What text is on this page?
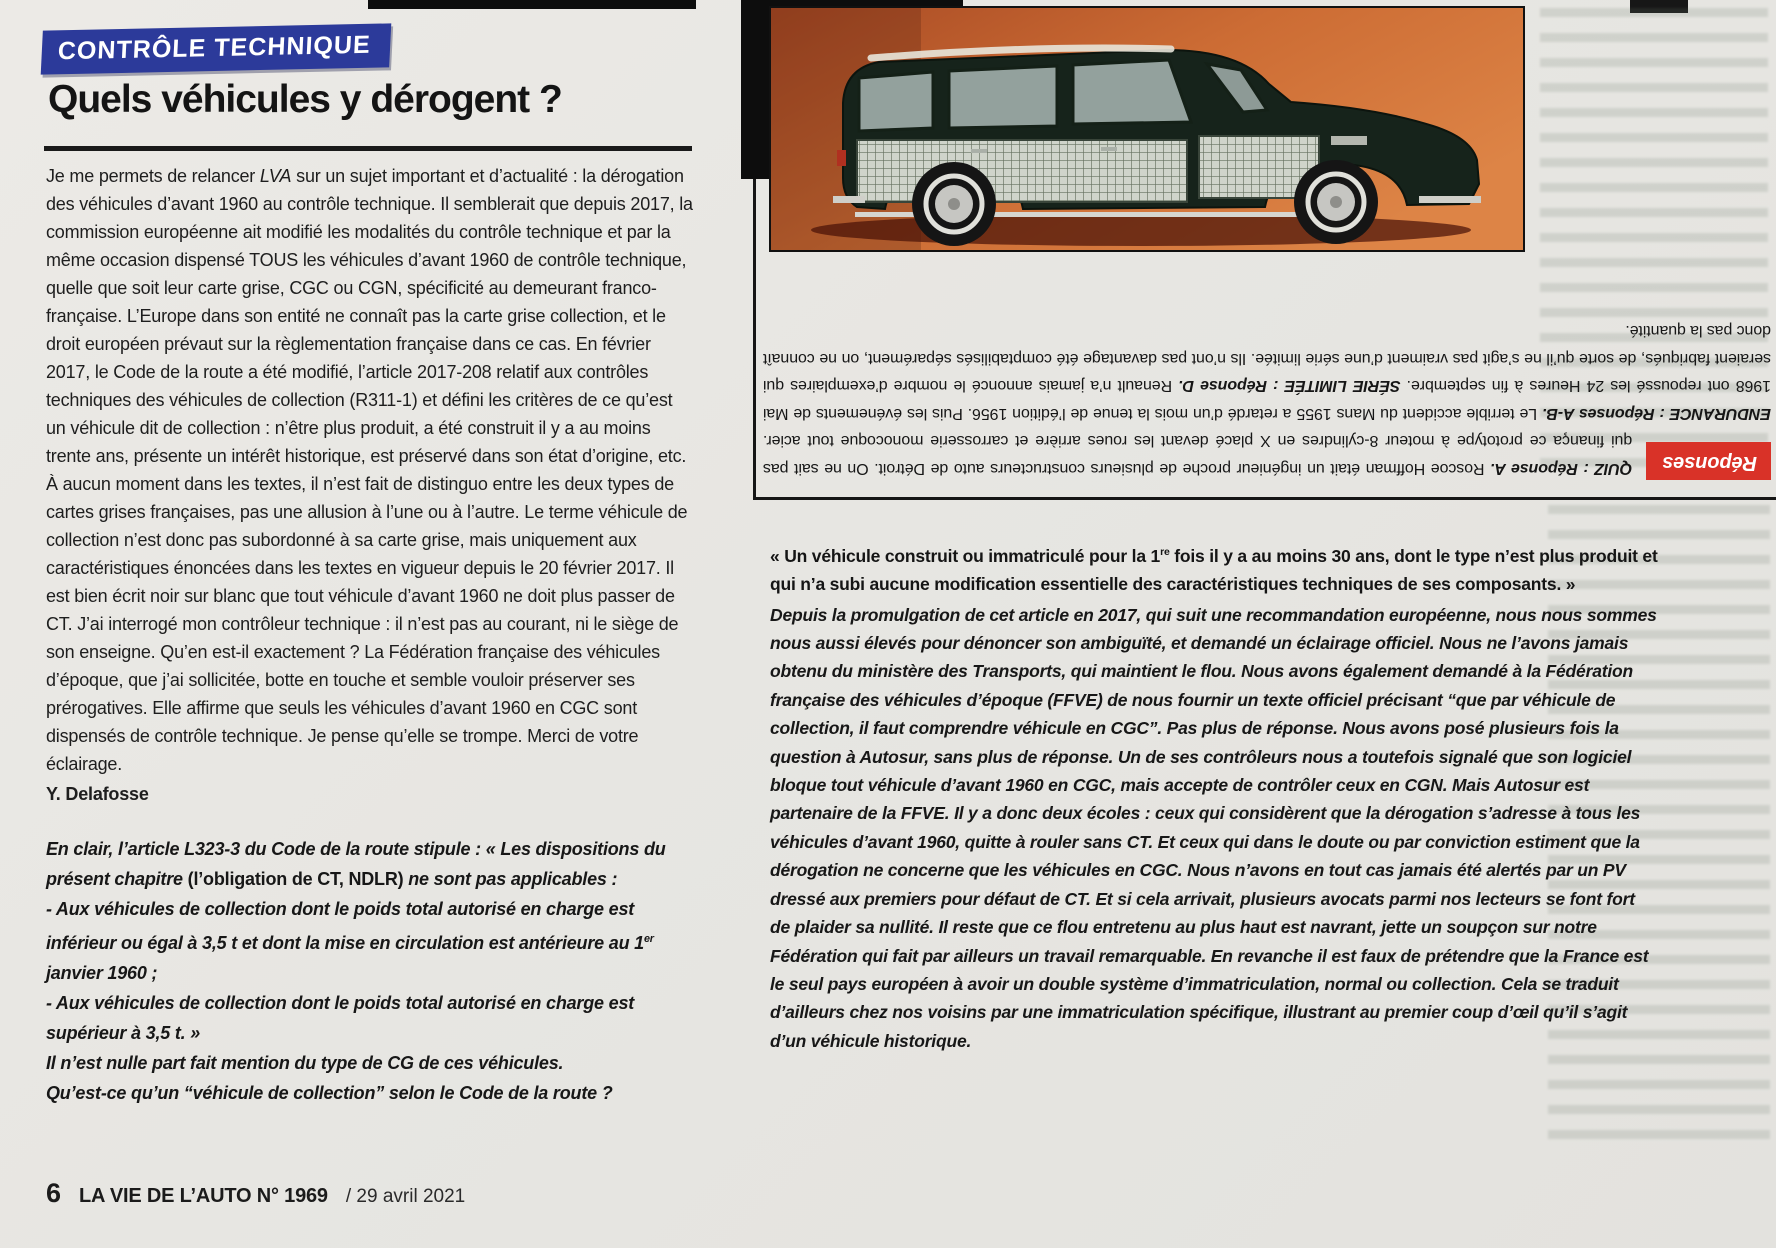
CONTRÔLE TECHNIQUE
Quels véhicules y dérogent ?

Je me permets de relancer LVA sur un sujet important et d’actualité : la dérogation des véhicules d’avant 1960 au contrôle technique. Il semblerait que depuis 2017, la commission européenne ait modifié les modalités du contrôle technique et par la même occasion dispensé TOUS les véhicules d’avant 1960 de contrôle technique, quelle que soit leur carte grise, CGC ou CGN, spécificité au demeurant franco-française. L’Europe dans son entité ne connaît pas la carte grise collection, et le droit européen prévaut sur la règlementation française dans ce cas. En février 2017, le Code de la route a été modifié, l’article 2017-208 relatif aux contrôles techniques des véhicules de collection (R311-1) et défini les critères de ce qu’est un véhicule dit de collection : n’être plus produit, a été construit il y a au moins trente ans, présente un intérêt historique, est préservé dans son état d’origine, etc. À aucun moment dans les textes, il n’est fait de distinguo entre les deux types de cartes grises françaises, pas une allusion à l’une ou à l’autre. Le terme véhicule de collection n’est donc pas subordonné à sa carte grise, mais uniquement aux caractéristiques énoncées dans les textes en vigueur depuis le 20 février 2017. Il est bien écrit noir sur blanc que tout véhicule d’avant 1960 ne doit plus passer de CT. J’ai interrogé mon contrôleur technique : il n’est pas au courant, ni le siège de son enseigne. Qu’en est-il exactement ? La Fédération française des véhicules d’époque, que j’ai sollicitée, botte en touche et semble vouloir préserver ses prérogatives. Elle affirme que seuls les véhicules d’avant 1960 en CGC sont dispensés de contrôle technique. Je pense qu’elle se trompe. Merci de votre éclairage.

Y. Delafosse

En clair, l’article L323-3 du Code de la route stipule : « Les dispositions du présent chapitre (l’obligation de CT, NDLR) ne sont pas applicables :
- Aux véhicules de collection dont le poids total autorisé en charge est inférieur ou égal à 3,5 t et dont la mise en circulation est antérieure au 1er janvier 1960 ;
- Aux véhicules de collection dont le poids total autorisé en charge est supérieur à 3,5 t. »
Il n’est nulle part fait mention du type de CG de ces véhicules.
Qu’est-ce qu’un “véhicule de collection” selon le Code de la route ?

Réponses
QUIZ : Réponse A. Roscoe Hoffman était un ingénieur proche de plusieurs constructeurs auto de Détroit. On ne sait pas qui finança ce prototype à moteur 8-cylindres en X placé devant les roues arrière et carrosserie monocoque tout acier. ENDURANCE : Réponses A-B. Le terrible accident du Mans 1955 a retardé d’un mois la tenue de l’édition 1956. Puis les événements de Mai 1968 ont repoussé les 24 Heures à fin septembre. SÉRIE LIMITÉE : Réponse D. Renault n’a jamais annoncé le nombre d’exemplaires qui seraient fabriqués, de sorte qu’il ne s’agit pas vraiment d’une série limitée. Ils n’ont pas davantage été comptabilisés séparément, on ne connaît donc pas la quantité.

« Un véhicule construit ou immatriculé pour la 1re fois il y a au moins 30 ans, dont le type n’est plus produit et qui n’a subi aucune modification essentielle des caractéristiques techniques de ses composants. »

Depuis la promulgation de cet article en 2017, qui suit une recommandation européenne, nous nous sommes nous aussi élevés pour dénoncer son ambiguïté, et demandé un éclairage officiel. Nous ne l’avons jamais obtenu du ministère des Transports, qui maintient le flou. Nous avons également demandé à la Fédération française des véhicules d’époque (FFVE) de nous fournir un texte officiel précisant “que par véhicule de collection, il faut comprendre véhicule en CGC”. Pas plus de réponse. Nous avons posé plusieurs fois la question à Autosur, sans plus de réponse. Un de ses contrôleurs nous a toutefois signalé que son logiciel bloque tout véhicule d’avant 1960 en CGC, mais accepte de contrôler ceux en CGN. Mais Autosur est partenaire de la FFVE. Il y a donc deux écoles : ceux qui considèrent que la dérogation s’adresse à tous les véhicules d’avant 1960, quitte à rouler sans CT. Et ceux qui dans le doute ou par conviction estiment que la dérogation ne concerne que les véhicules en CGC. Nous n’avons en tout cas jamais été alertés par un PV dressé aux premiers pour défaut de CT. Et si cela arrivait, plusieurs avocats parmi nos lecteurs se font fort de plaider sa nullité. Il reste que ce flou entretenu au plus haut est navrant, jette un soupçon sur notre Fédération qui fait par ailleurs un travail remarquable. En revanche il est faux de prétendre que la France est le seul pays européen à avoir un double système d’immatriculation, normal ou collection. Cela se traduit d’ailleurs chez nos voisins par une immatriculation spécifique, illustrant au premier coup d’œil qu’il s’agit d’un véhicule historique.

6 LA VIE DE L’AUTO N° 1969 / 29 avril 2021
